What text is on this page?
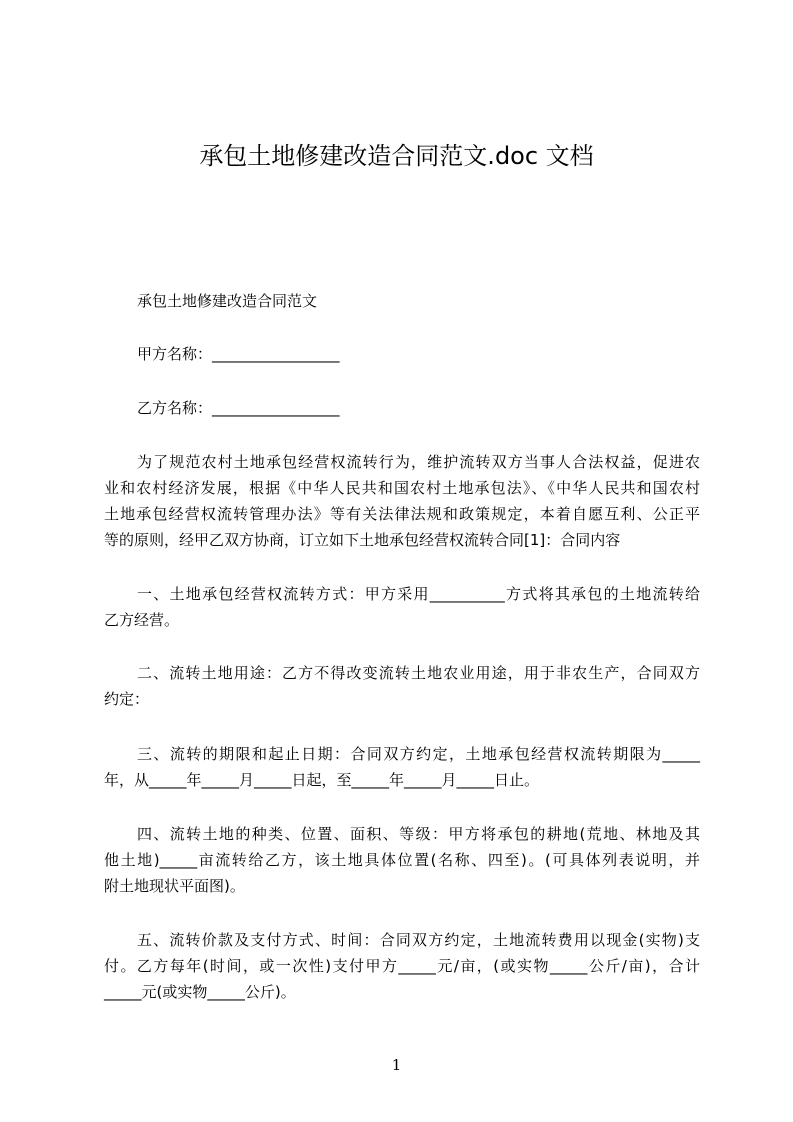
承包土地修建改造合同范文.doc 文档
承包土地修建改造合同范文
甲方名称：_________________
乙方名称：_________________
为了规范农村土地承包经营权流转行为，维护流转双方当事人合法权益，促进农
业和农村经济发展，根据《中华人民共和国农村土地承包法》、《中华人民共和国农村
土地承包经营权流转管理办法》等有关法律法规和政策规定，本着自愿互利、公正平
等的原则，经甲乙双方协商，订立如下土地承包经营权流转合同[1]：合同内容
一、土地承包经营权流转方式：甲方采用__________方式将其承包的土地流转给
乙方经营。
二、流转土地用途：乙方不得改变流转土地农业用途，用于非农生产，合同双方
约定：
三、流转的期限和起止日期：合同双方约定，土地承包经营权流转期限为_____
年，从_____年_____月_____日起，至_____年_____月_____日止。
四、流转土地的种类、位置、面积、等级：甲方将承包的耕地(荒地、林地及其
他土地)_____亩流转给乙方，该土地具体位置(名称、四至)。(可具体列表说明，并
附土地现状平面图)。
五、流转价款及支付方式、时间：合同双方约定，土地流转费用以现金(实物)支
付。乙方每年(时间，或一次性)支付甲方_____元/亩，(或实物_____公斤/亩)，合计
_____元(或实物_____公斤)。
1
